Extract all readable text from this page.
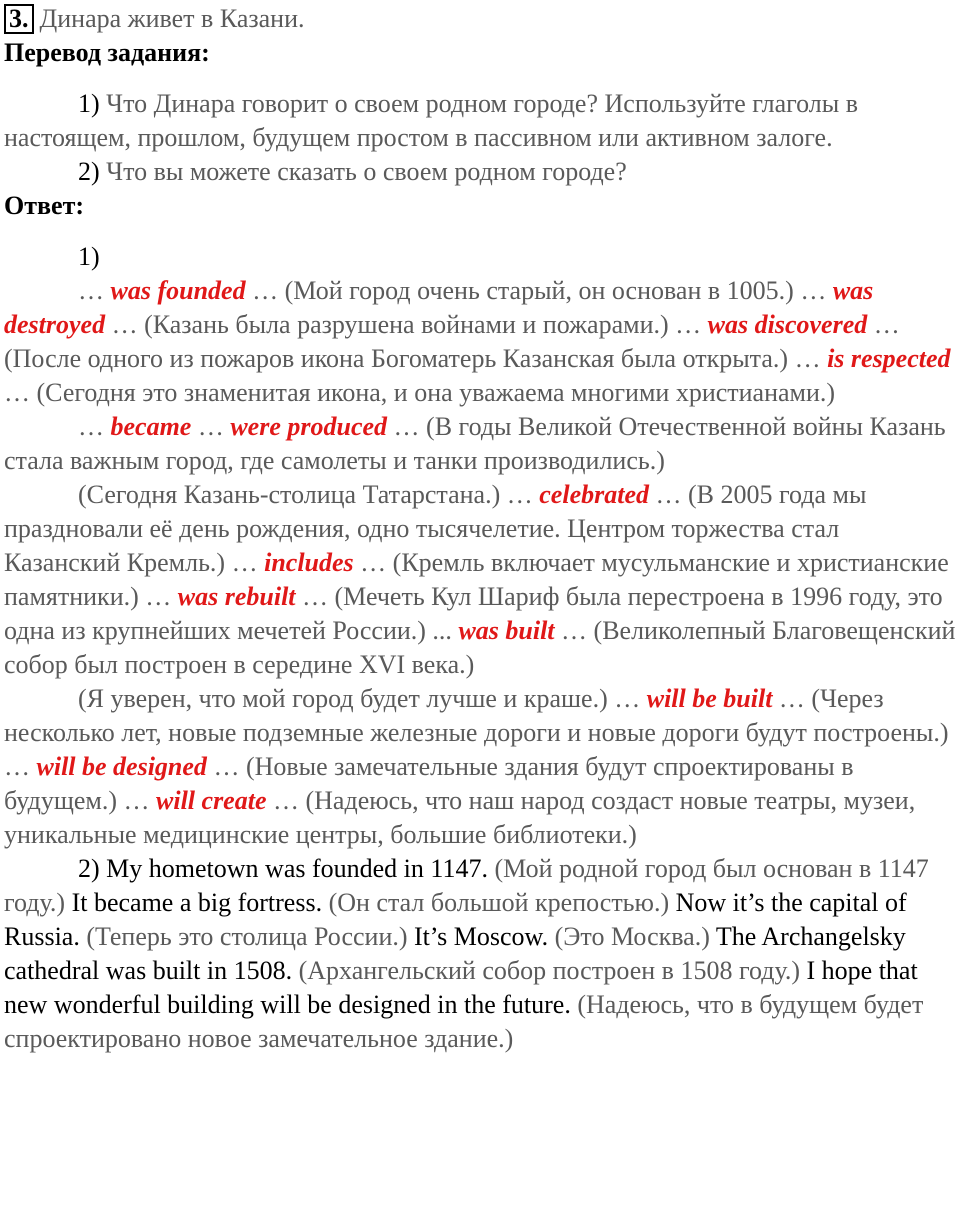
3. Динара живет в Казани.
Перевод задания:

1) Что Динара говорит о своем родном городе? Используйте глаголы в настоящем, прошлом, будущем простом в пассивном или активном залоге.

2) Что вы можете сказать о своем родном городе?

Ответ:

1)

… was founded … (Мой город очень старый, он основан в 1005.) … was destroyed … (Казань была разрушена войнами и пожарами.) … was discovered … (После одного из пожаров икона Богоматерь Казанская была открыта.) … is respected … (Сегодня это знаменитая икона, и она уважаема многими христианами.)

… became … were produced … (В годы Великой Отечественной войны Казань стала важным город, где самолеты и танки производились.)

(Сегодня Казань-столица Татарстана.) … celebrated … (В 2005 года мы праздновали её день рождения, одно тысячелетие. Центром торжества стал Казанский Кремль.) … includes … (Кремль включает мусульманские и христианские памятники.) … was rebuilt … (Мечеть Кул Шариф была перестроена в 1996 году, это одна из крупнейших мечетей России.) ... was built … (Великолепный Благовещенский собор был построен в середине XVI века.)

(Я уверен, что мой город будет лучше и краше.) … will be built … (Через несколько лет, новые подземные железные дороги и новые дороги будут построены.) … will be designed … (Новые замечательные здания будут спроектированы в будущем.) … will create … (Надеюсь, что наш народ создаст новые театры, музеи, уникальные медицинские центры, большие библиотеки.)

2) My hometown was founded in 1147. (Мой родной город был основан в 1147 году.) It became a big fortress. (Он стал большой крепостью.) Now it’s the capital of Russia. (Теперь это столица России.) It’s Moscow. (Это Москва.) The Archangelsky cathedral was built in 1508. (Архангельский собор построен в 1508 году.) I hope that new wonderful building will be designed in the future. (Надеюсь, что в будущем будет спроектировано новое замечательное здание.)
